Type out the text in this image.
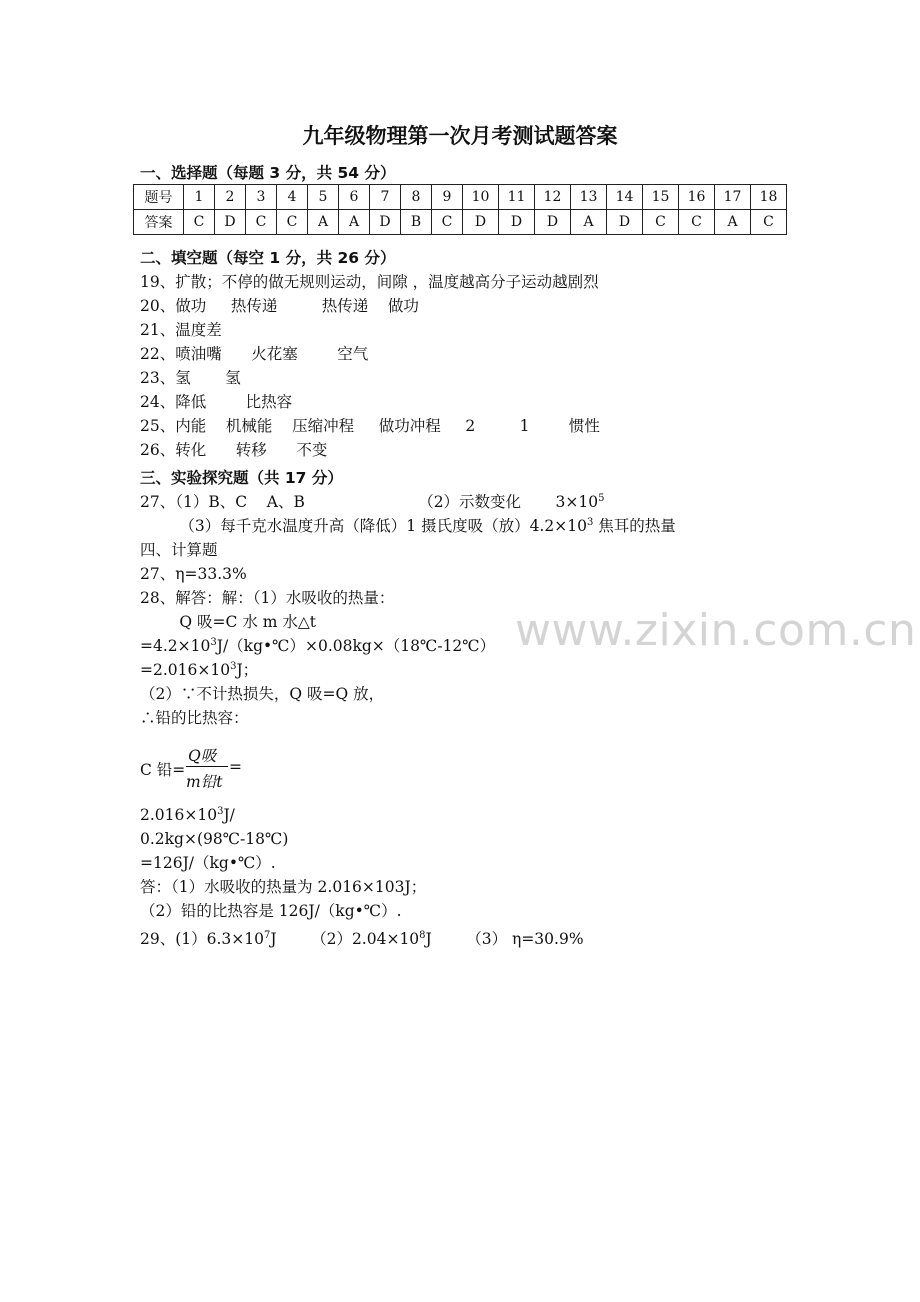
九年级物理第一次月考测试题答案
一、选择题（每题 3 分，共 54 分）
题号	1	2	3	4	5	6	7	8	9	10	11	12	13	14	15	16	17	18
答案	C	D	C	C	A	A	D	B	C	D	D	D	A	D	C	C	A	C
二、填空题（每空 1 分，共 26 分）
19、扩散；不停的做无规则运动，间隙 ，温度越高分子运动越剧烈
20、做功     热传递         热传递    做功
21、温度差
22、喷油嘴      火花塞        空气
23、氢       氢
24、降低        比热容
25、内能    机械能    压缩冲程     做功冲程     2         1        惯性
26、转化      转移      不变
三、实验探究题（共 17 分）
27、（1）B、C    A、B                       （2）示数变化       $3\times 10^5$
（3）每千克水温度升高（降低）1 摄氏度吸（放）$4.2\times 10^3$ 焦耳的热量
四、计算题
27、η=33.3%
28、解答：解：（1）水吸收的热量：
Q 吸=C 水 m 水△t
$=4.2\times 10^3J/(kg•℃)\times 0.08kg\times(18℃-12℃)$
$=2.016\times 10^3J$；
（2）∵不计热损失，Q 吸=Q 放，
∴铅的比热容：
C 铅=
Q吸
m铅t
=
$2.016\times 10^3J/$
0.2kg×(98℃-18℃)
=126J/（kg•℃）.
答：（1）水吸收的热量为 2.016×103J；
（2）铅的比热容是 126J/（kg•℃）.
29、$(1)6.3\times 10^7J$       $(2)2.04\times 10^8J$       （3） η=30.9%
www.zixin.com.cn
